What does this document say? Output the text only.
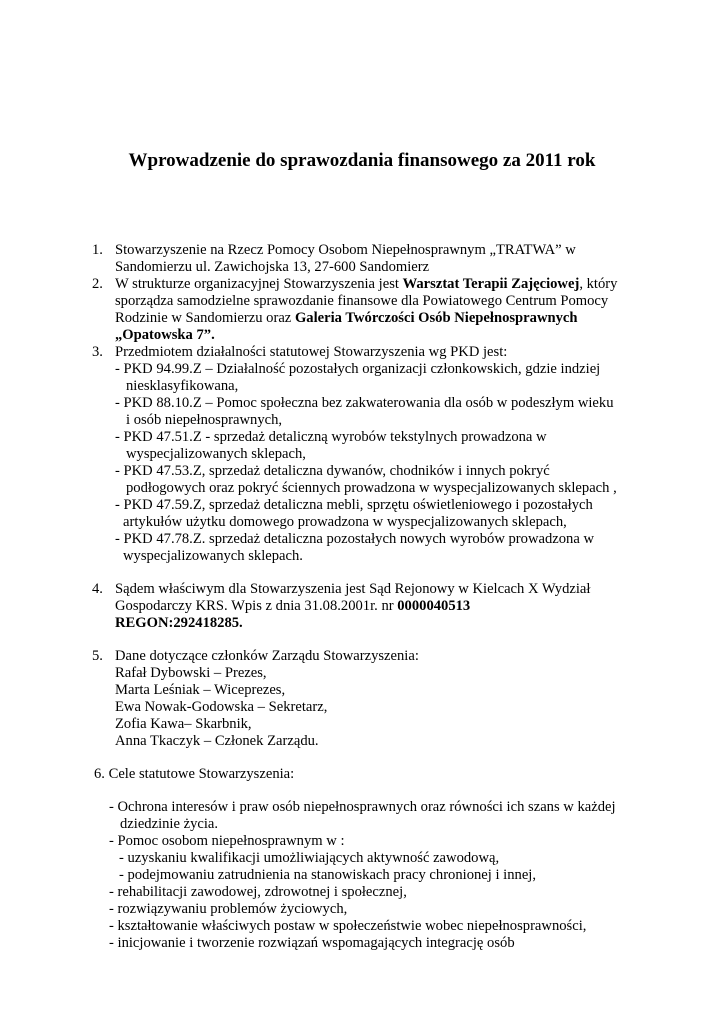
Wprowadzenie do sprawozdania finansowego za 2011 rok
1. Stowarzyszenie na Rzecz Pomocy Osobom Niepełnosprawnym „TRATWA” w
Sandomierzu ul. Zawichojska 13, 27-600 Sandomierz
2. W strukturze organizacyjnej Stowarzyszenia jest Warsztat Terapii Zajęciowej, który
sporządza samodzielne sprawozdanie finansowe dla Powiatowego Centrum Pomocy
Rodzinie w Sandomierzu oraz Galeria Twórczości Osób Niepełnosprawnych
„Opatowska 7”.
3. Przedmiotem działalności statutowej Stowarzyszenia wg PKD jest:
- PKD 94.99.Z – Działalność pozostałych organizacji członkowskich, gdzie indziej
niesklasyfikowana,
- PKD 88.10.Z – Pomoc społeczna bez zakwaterowania dla osób w podeszłym wieku
i osób niepełnosprawnych,
- PKD 47.51.Z - sprzedaż detaliczną wyrobów tekstylnych prowadzona w
wyspecjalizowanych sklepach,
- PKD 47.53.Z, sprzedaż detaliczna dywanów, chodników i innych pokryć
podłogowych oraz pokryć ściennych prowadzona w wyspecjalizowanych sklepach ,
- PKD 47.59.Z, sprzedaż detaliczna mebli, sprzętu oświetleniowego i pozostałych
artykułów użytku domowego prowadzona w wyspecjalizowanych sklepach,
- PKD 47.78.Z. sprzedaż detaliczna pozostałych nowych wyrobów prowadzona w
wyspecjalizowanych sklepach.
4. Sądem właściwym dla Stowarzyszenia jest Sąd Rejonowy w Kielcach X Wydział
Gospodarczy KRS. Wpis z dnia 31.08.2001r. nr 0000040513
REGON:292418285.
5. Dane dotyczące członków Zarządu Stowarzyszenia:
Rafał Dybowski – Prezes,
Marta Leśniak – Wiceprezes,
Ewa Nowak-Godowska – Sekretarz,
Zofia Kawa– Skarbnik,
Anna Tkaczyk – Członek Zarządu.
6. Cele statutowe Stowarzyszenia:
- Ochrona interesów i praw osób niepełnosprawnych oraz równości ich szans w każdej
dziedzinie życia.
- Pomoc osobom niepełnosprawnym w :
- uzyskaniu kwalifikacji umożliwiających aktywność zawodową,
- podejmowaniu zatrudnienia na stanowiskach pracy chronionej i innej,
- rehabilitacji zawodowej, zdrowotnej i społecznej,
- rozwiązywaniu problemów życiowych,
- kształtowanie właściwych postaw w społeczeństwie wobec niepełnosprawności,
- inicjowanie i tworzenie rozwiązań wspomagających integrację osób
